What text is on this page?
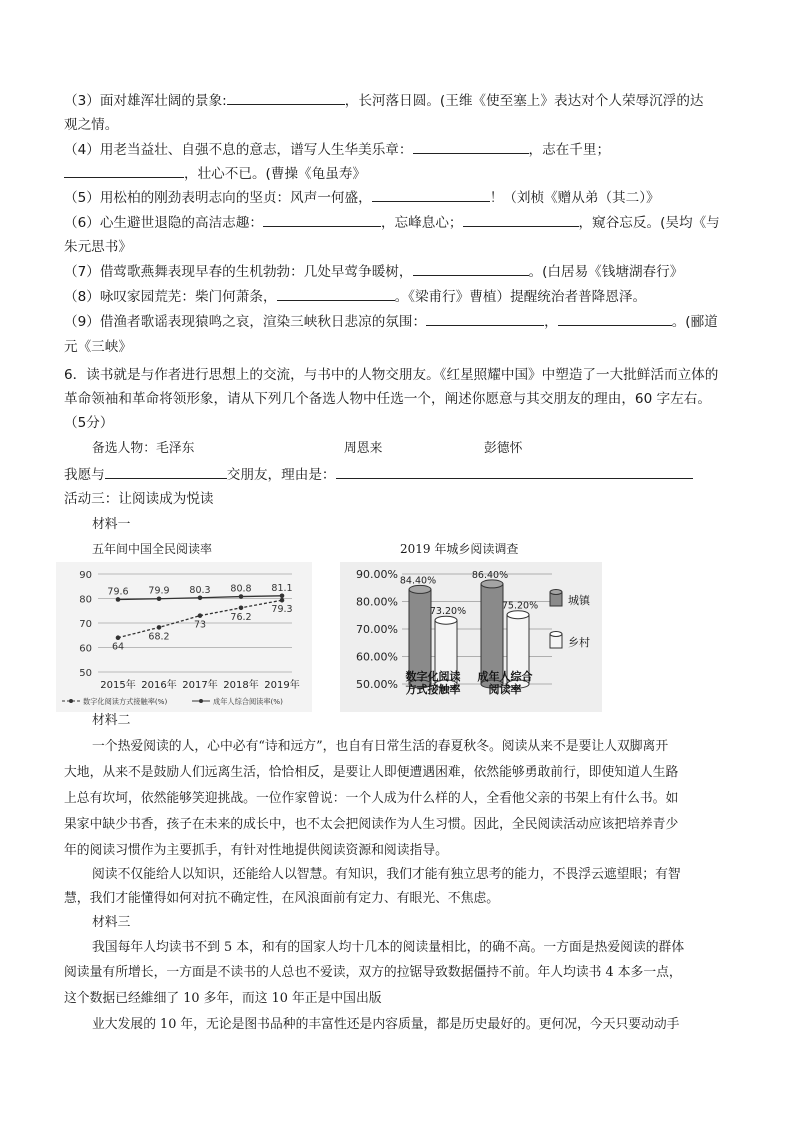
（3）面对雄浑壮阔的景象:	，长河落日圆。(王维《使至塞上》表达对个人荣辱沉浮的达
观之情。
（4）用老当益壮、自强不息的意志，谱写人生华美乐章：	，志在千里；
，壮心不已。(曹操《龟虽寿》
（5）用松柏的刚劲表明志向的坚贞：风声一何盛，	！（刘桢《赠从弟（其二）》
（6）心生避世退隐的高洁志趣：	，忘峰息心；	，窥谷忘反。(吴均《与
朱元思书》
（7）借莺歌燕舞表现早春的生机勃勃：几处早莺争暖树，	。(白居易《钱塘湖春行》
（8）咏叹家园荒芜：柴门何萧条，	。《梁甫行》曹植）提醒统治者普降恩泽。
（9）借渔者歌谣表现猿鸣之哀，渲染三峡秋日悲凉的氛围：	，	。(郦道
元《三峡》
6．读书就是与作者进行思想上的交流，与书中的人物交朋友。《红星照耀中国》中塑造了一大批鲜活而立体的
革命领袖和革命将领形象，请从下列几个备选人物中任选一个，阐述你愿意与其交朋友的理由，60 字左右。
（5分）
备选人物：毛泽东	周恩来	彭德怀
我愿与	交朋友，理由是：
活动三：让阅读成为悦读
材料一
五年间中国全民阅读率	2019 年城乡阅读调查
50
60
70
80
90
2015年 2016年 2017年 2018年 2019年
64
68.2
73
76.2
79.3
79.6 79.9 80.3 80.8 81.1
数字化阅读方式接触率(%)	成年人综合阅读率(%)
50.00%
60.00%
70.00%
80.00%
90.00% 84.40%
73.20%
数字化阅读
方式接触率
86.40%
75.20%
成年人综合
阅读率
城镇
乡村
材料二
一个热爱阅读的人，心中必有“诗和远方”，也自有日常生活的春夏秋冬。阅读从来不是要让人双脚离开
大地，从来不是鼓励人们远离生活，恰恰相反，是要让人即便遭遇困难，依然能够勇敢前行，即使知道人生路
上总有坎坷，依然能够笑迎挑战。一位作家曾说：一个人成为什么样的人，全看他父亲的书架上有什么书。如
果家中缺少书香，孩子在未来的成长中，也不太会把阅读作为人生习惯。因此，全民阅读活动应该把培养青少
年的阅读习惯作为主要抓手，有针对性地提供阅读资源和阅读指导。
阅读不仅能给人以知识，还能给人以智慧。有知识，我们才能有独立思考的能力，不畏浮云遮望眼；有智
慧，我们才能懂得如何对抗不确定性，在风浪面前有定力、有眼光、不焦虑。
材料三
我国每年人均读书不到 5 本，和有的国家人均十几本的阅读量相比，的确不高。一方面是热爱阅读的群体
阅读量有所增长，一方面是不读书的人总也不爱读，双方的拉锯导致数据僵持不前。年人均读书 4 本多一点，
这个数据已经維细了 10 多年，而这 10 年正是中国出版
业大发展的 10 年，无论是图书品种的丰富性还是内容质量，都是历史最好的。更何况，今天只要动动手
